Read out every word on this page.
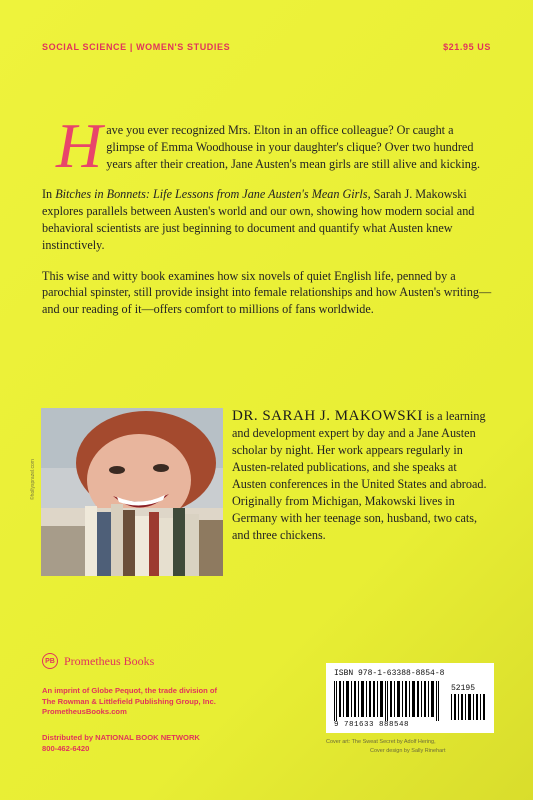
SOCIAL SCIENCE | WOMEN'S STUDIES	$21.95 US

Have you ever recognized Mrs. Elton in an office colleague? Or caught a glimpse of Emma Woodhouse in your daughter's clique? Over two hundred years after their creation, Jane Austen's mean girls are still alive and kicking.

In Bitches in Bonnets: Life Lessons from Jane Austen's Mean Girls, Sarah J. Makowski explores parallels between Austen's world and our own, showing how modern social and behavioral scientists are just beginning to document and quantify what Austen knew instinctively.

This wise and witty book examines how six novels of quiet English life, penned by a parochial spinster, still provide insight into female relationships and how Austen's writing—and our reading of it—offers comfort to millions of fans worldwide.

©hollysprazel.com
DR. SARAH J. MAKOWSKI is a learning and development expert by day and a Jane Austen scholar by night. Her work appears regularly in Austen-related publications, and she speaks at Austen conferences in the United States and abroad. Originally from Michigan, Makowski lives in Germany with her teenage son, husband, two cats, and three chickens.
PB Prometheus Books
An imprint of Globe Pequot, the trade division of
The Rowman & Littlefield Publishing Group, Inc.
PrometheusBooks.com
Distributed by NATIONAL BOOK NETWORK
800-462-6420
ISBN 978-1-63388-8854-8
52195
9 781633 888548
Cover art: The Sweat Secret by Adolf Hering,
Cover design by Sally Rinehart
